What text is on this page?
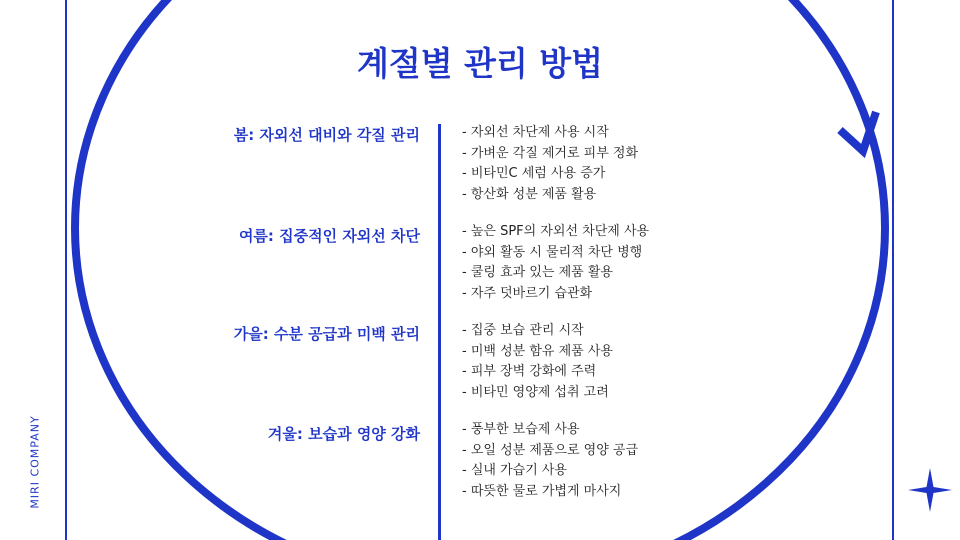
MIRI COMPANY
계절별 관리 방법
봄: 자외선 대비와 각질 관리	- 자외선 차단제 사용 시작
- 가벼운 각질 제거로 피부 정화
- 비타민C 세럼 사용 증가
- 항산화 성분 제품 활용
여름: 집중적인 자외선 차단	- 높은 SPF의 자외선 차단제 사용
- 야외 활동 시 물리적 차단 병행
- 쿨링 효과 있는 제품 활용
- 자주 덧바르기 습관화
가을: 수분 공급과 미백 관리	- 집중 보습 관리 시작
- 미백 성분 함유 제품 사용
- 피부 장벽 강화에 주력
- 비타민 영양제 섭취 고려
겨울: 보습과 영양 강화	- 풍부한 보습제 사용
- 오일 성분 제품으로 영양 공급
- 실내 가습기 사용
- 따뜻한 물로 가볍게 마사지
